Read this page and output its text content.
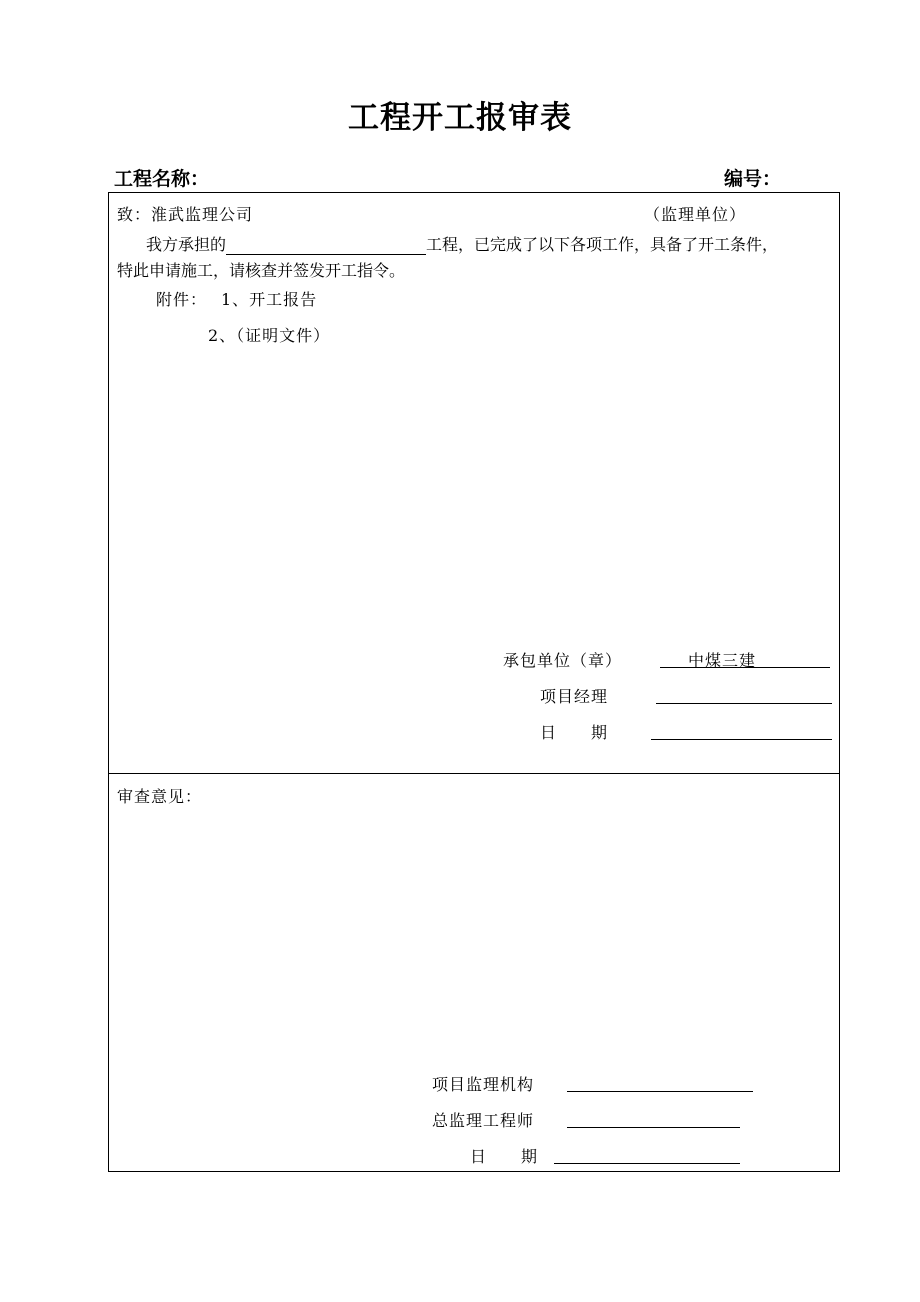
工程开工报审表
工程名称：	编号：
致：淮武监理公司	（监理单位）
我方承担的	工程，已完成了以下各项工作，具备了开工条件，
特此申请施工，请核查并签发开工指令。
附件： 1、开工报告
2、（证明文件）
承包单位（章）	中煤三建
项目经理
日　　期
审查意见：
项目监理机构
总监理工程师
日　　期
